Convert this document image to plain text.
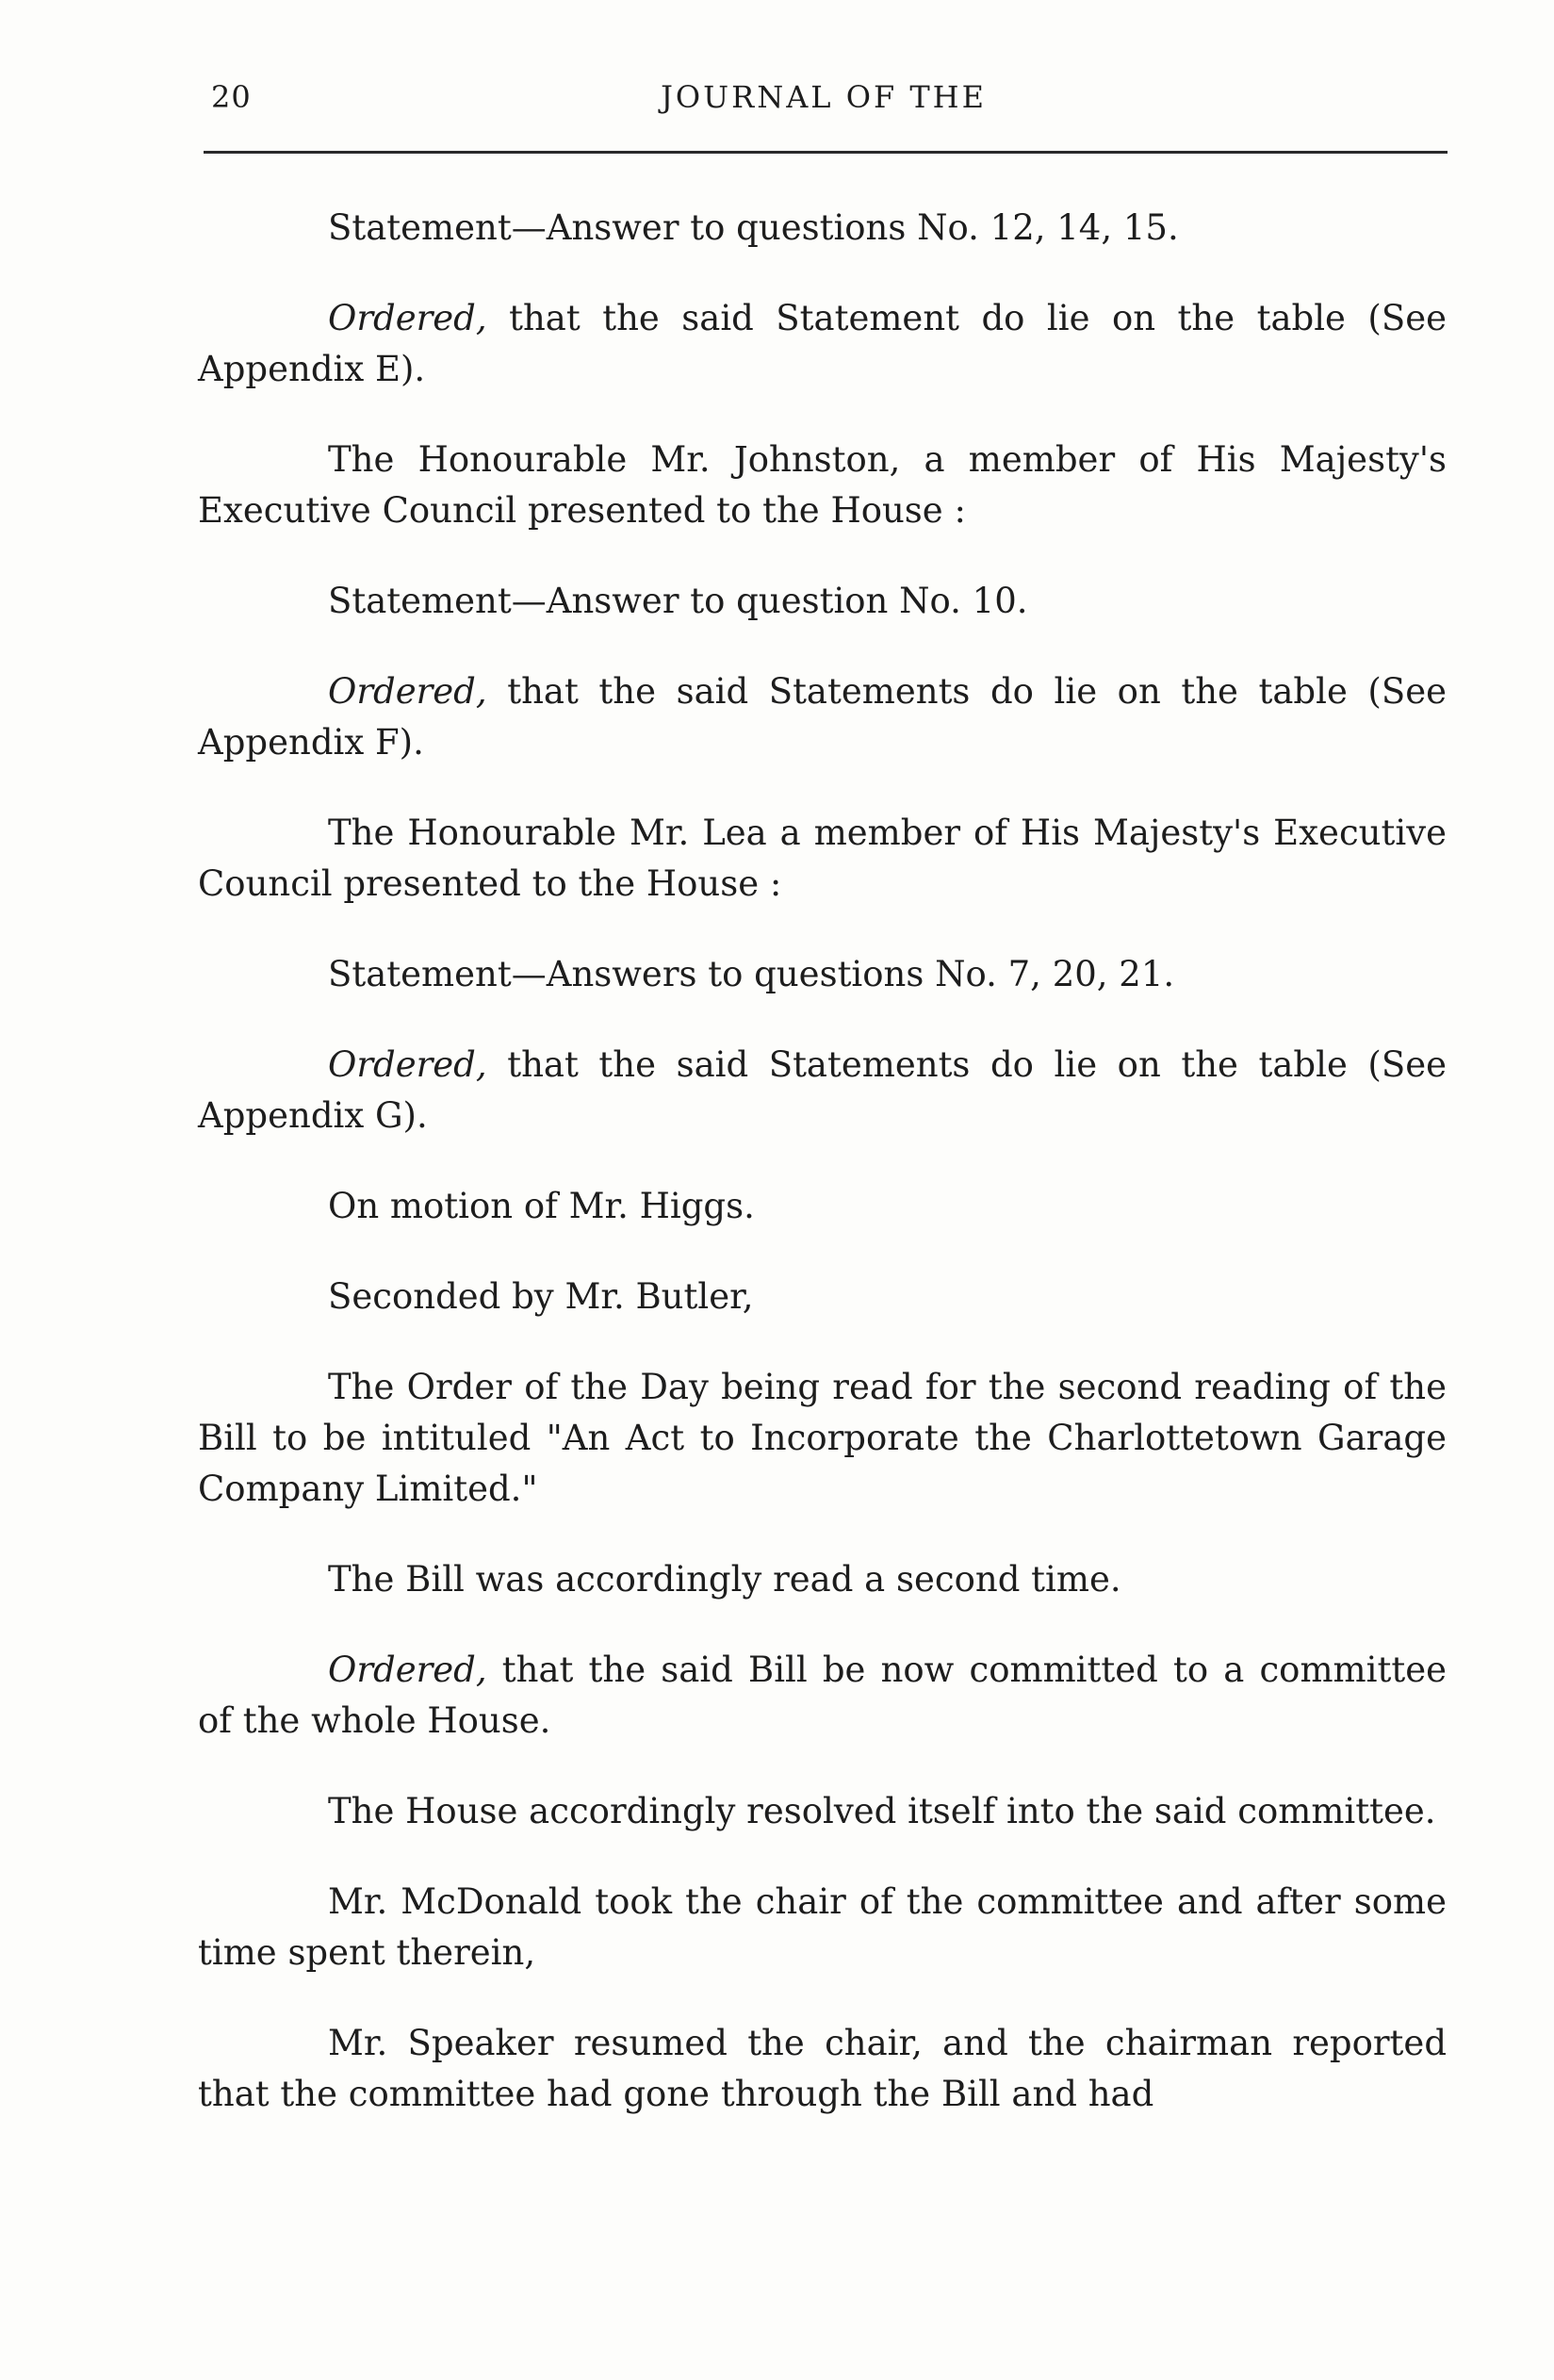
20	JOURNAL OF THE

Statement—Answer to questions No. 12, 14, 15.

Ordered, that the said Statement do lie on the table (See Appendix E).

The Honourable Mr. Johnston, a member of His Majesty's Executive Council presented to the House :

Statement—Answer to question No. 10.

Ordered, that the said Statements do lie on the table (See Appendix F).

The Honourable Mr. Lea a member of His Majesty's Executive Council presented to the House :

Statement—Answers to questions No. 7, 20, 21.

Ordered, that the said Statements do lie on the table (See Appendix G).

On motion of Mr. Higgs.

Seconded by Mr. Butler,

The Order of the Day being read for the second reading of the Bill to be intituled "An Act to Incorporate the Charlottetown Garage Company Limited."

The Bill was accordingly read a second time.

Ordered, that the said Bill be now committed to a committee of the whole House.

The House accordingly resolved itself into the said committee.

Mr. McDonald took the chair of the committee and after some time spent therein,

Mr. Speaker resumed the chair, and the chairman reported that the committee had gone through the Bill and had
